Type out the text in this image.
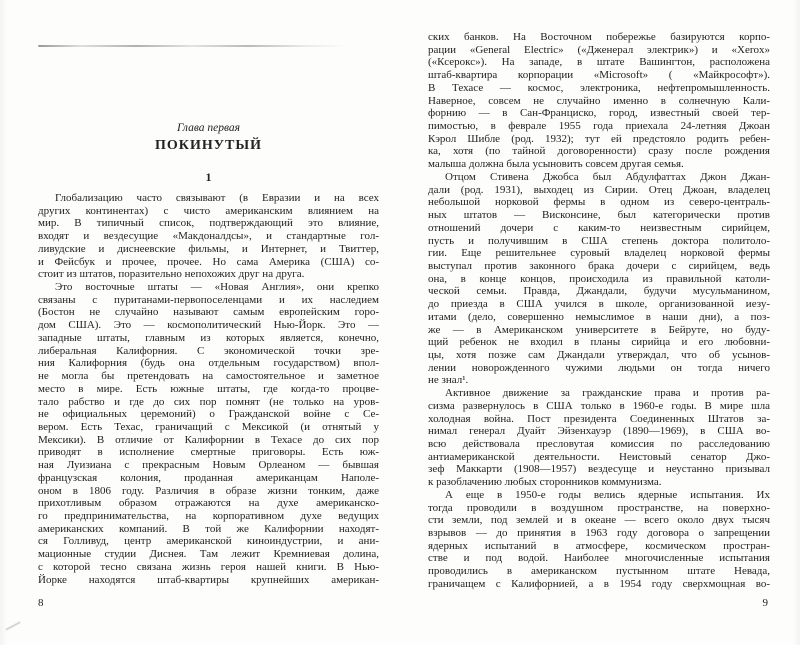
Глава первая
ПОКИНУТЫЙ
1
Глобализацию часто связывают (в Евразии и на всех
других континентах) с чисто американским влиянием на
мир. В типичный список, подтверждающий это влияние,
входят и вездесущие «Макдоналдсы», и стандартные гол-
ливудские и диснеевские фильмы, и Интернет, и Твиттер,
и Фейсбук и прочее, прочее. Но сама Америка (США) со-
стоит из штатов, поразительно непохожих друг на друга.
Это восточные штаты — «Новая Англия», они крепко
связаны с пуританами-первопоселенцами и их наследием
(Бостон не случайно называют самым европейским горо-
дом США). Это — космополитический Нью-Йорк. Это —
западные штаты, главным из которых является, конечно,
либеральная Калифорния. С экономической точки зре-
ния Калифорния (будь она отдельным государством) впол-
не могла бы претендовать на самостоятельное и заметное
место в мире. Есть южные штаты, где когда-то процве-
тало рабство и где до сих пор помнят (не только на уров-
не официальных церемоний) о Гражданской войне с Се-
вером. Есть Техас, граничащий с Мексикой (и отнятый у
Мексики). В отличие от Калифорнии в Техасе до сих пор
приводят в исполнение смертные приговоры. Есть юж-
ная Луизиана с прекрасным Новым Орлеаном — бывшая
французская колония, проданная американцам Наполе-
оном в 1806 году. Различия в образе жизни тонким, даже
прихотливым образом отражаются на духе американско-
го предпринимательства, на корпоративном духе ведущих
американских компаний. В той же Калифорнии находят-
ся Голливуд, центр американской киноиндустрии, и ани-
мационные студии Диснея. Там лежит Кремниевая долина,
с которой тесно связана жизнь героя нашей книги. В Нью-
Йорке находятся штаб-квартиры крупнейших американ-
8
ских банков. На Восточном побережье базируются корпо-
рации «General Electric» («Дженерал электрик») и «Xerox»
(«Ксерокс»). На западе, в штате Вашингтон, расположена
штаб-квартира корпорации «Microsoft» ( «Майкрософт»).
В Техасе — космос, электроника, нефтепромышленность.
Наверное, совсем не случайно именно в солнечную Кали-
форнию — в Сан-Франциско, город, известный своей тер-
пимостью, в феврале 1955 года приехала 24-летняя Джоан
Кэрол Шибле (род. 1932); тут ей предстояло родить ребен-
ка, хотя (по тайной договоренности) сразу после рождения
малыша должна была усыновить совсем другая семья.
Отцом Стивена Джобса был Абдулфаттах Джон Джан-
дали (род. 1931), выходец из Сирии. Отец Джоан, владелец
небольшой норковой фермы в одном из северо-централь-
ных штатов — Висконсине, был категорически против
отношений дочери с каким-то неизвестным сирийцем,
пусть и получившим в США степень доктора политоло-
гии. Еще решительнее суровый владелец норковой фермы
выступал против законного брака дочери с сирийцем, ведь
она, в конце концов, происходила из правильной католи-
ческой семьи. Правда, Джандали, будучи мусульманином,
до приезда в США учился в школе, организованной иезу-
итами (дело, совершенно немыслимое в наши дни), а поз-
же — в Американском университете в Бейруте, но буду-
щий ребенок не входил в планы сирийца и его любовни-
цы, хотя позже сам Джандали утверждал, что об усынов-
лении новорожденного чужими людьми он тогда ничего
не знал¹.
Активное движение за гражданские права и против ра-
сизма развернулось в США только в 1960-е годы. В мире шла
холодная война. Пост президента Соединенных Штатов за-
нимал генерал Дуайт Эйзенхауэр (1890—1969), в США во-
всю действовала пресловутая комиссия по расследованию
антиамериканской деятельности. Неистовый сенатор Джо-
зеф Маккарти (1908—1957) вездесуще и неустанно призывал
к разоблачению любых сторонников коммунизма.
А еще в 1950-е годы велись ядерные испытания. Их
тогда проводили в воздушном пространстве, на поверхно-
сти земли, под землей и в океане — всего около двух тысяч
взрывов — до принятия в 1963 году договора о запрещении
ядерных испытаний в атмосфере, космическом простран-
стве и под водой. Наиболее многочисленные испытания
проводились в американском пустынном штате Невада,
граничащем с Калифорнией, а в 1954 году сверхмощная во-
9
